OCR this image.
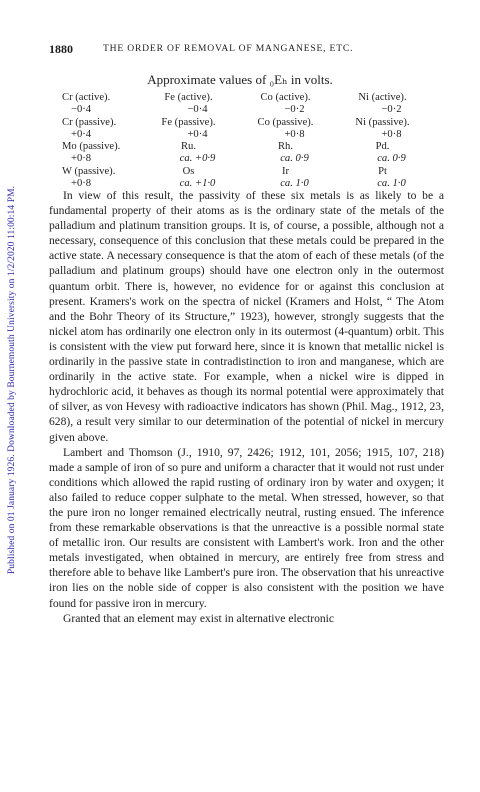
Published on 01 January 1926. Downloaded by Bournemouth University on 1/2/2020 11:00:14 PM.
1880	THE ORDER OF REMOVAL OF MANGANESE, ETC.
Approximate values of ₀Eₕ in volts.
Cr (active).	Fe (active).	Co (active).	Ni (active).
−0·4	−0·4	−0·2	−0·2
Cr (passive).	Fe (passive).	Co (passive).	Ni (passive).
+0·4	+0·4	+0·8	+0·8
Mo (passive).	Ru.	Rh.	Pd.
+0·8	ca. +0·9	ca. 0·9	ca. 0·9
W (passive).	Os	Ir	Pt
+0·8	ca. +1·0	ca. 1·0	ca. 1·0

In view of this result, the passivity of these six metals is as likely to be a fundamental property of their atoms as is the ordinary state of the metals of the palladium and platinum transition groups. It is, of course, a possible, although not a necessary, consequence of this conclusion that these metals could be prepared in the active state. A necessary consequence is that the atom of each of these metals (of the palladium and platinum groups) should have one electron only in the outermost quantum orbit. There is, however, no evidence for or against this conclusion at present. Kramers's work on the spectra of nickel (Kramers and Holst, “ The Atom and the Bohr Theory of its Structure,” 1923), however, strongly suggests that the nickel atom has ordinarily one electron only in its outermost (4-quantum) orbit. This is consistent with the view put forward here, since it is known that metallic nickel is ordinarily in the passive state in contradistinction to iron and manganese, which are ordinarily in the active state. For example, when a nickel wire is dipped in hydrochloric acid, it behaves as though its normal potential were approximately that of silver, as von Hevesy with radioactive indicators has shown (Phil. Mag., 1912, 23, 628), a result very similar to our determination of the potential of nickel in mercury given above.

Lambert and Thomson (J., 1910, 97, 2426; 1912, 101, 2056; 1915, 107, 218) made a sample of iron of so pure and uniform a character that it would not rust under conditions which allowed the rapid rusting of ordinary iron by water and oxygen; it also failed to reduce copper sulphate to the metal. When stressed, however, so that the pure iron no longer remained electrically neutral, rusting ensued. The inference from these remarkable observations is that the unreactive is a possible normal state of metallic iron. Our results are consistent with Lambert's work. Iron and the other metals investigated, when obtained in mercury, are entirely free from stress and therefore able to behave like Lambert's pure iron. The observation that his unreactive iron lies on the noble side of copper is also consistent with the position we have found for passive iron in mercury.

Granted that an element may exist in alternative electronic
